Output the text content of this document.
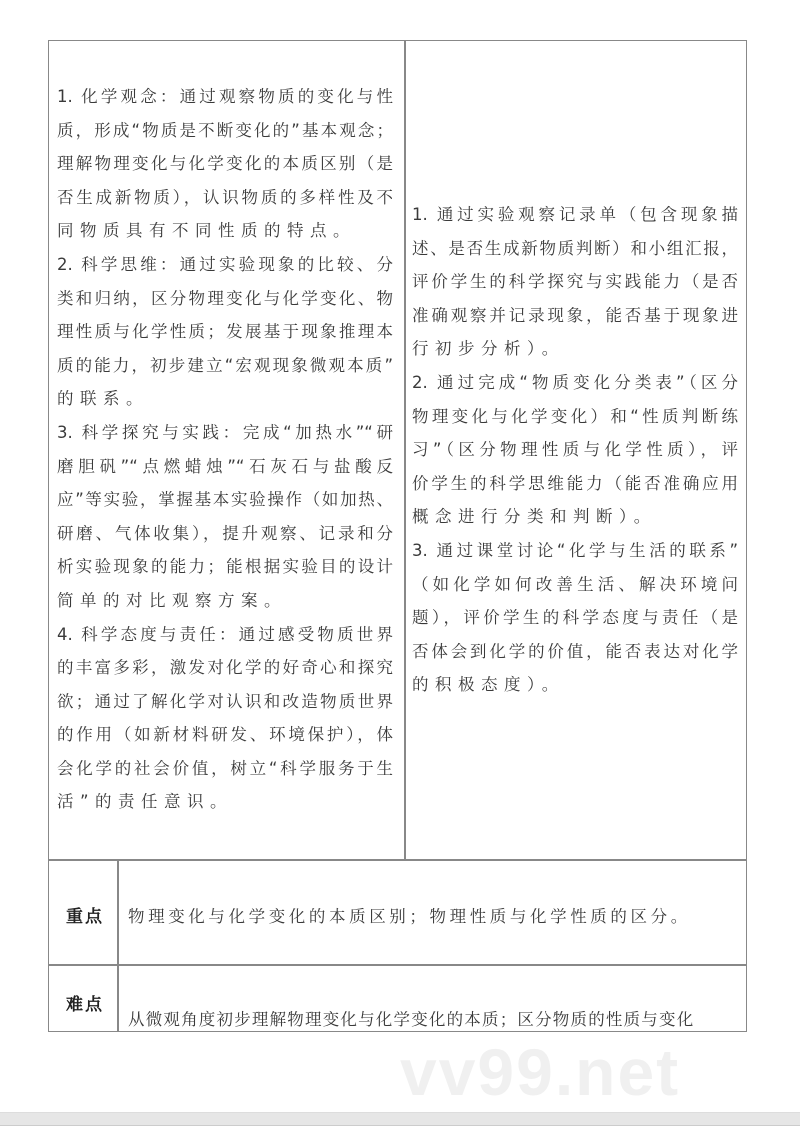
1. 化学观念：通过观察物质的变化与性
质，形成“物质是不断变化的”基本观念；
理解物理变化与化学变化的本质区别（是
否生成新物质），认识物质的多样性及不
同物质具有不同性质的特点。
2. 科学思维：通过实验现象的比较、分
类和归纳，区分物理变化与化学变化、物
理性质与化学性质；发展基于现象推理本
质的能力，初步建立“宏观现象微观本质”
的联系。
3. 科学探究与实践：完成“加热水”“研
磨胆矾”“点燃蜡烛”“石灰石与盐酸反
应”等实验，掌握基本实验操作（如加热、
研磨、气体收集），提升观察、记录和分
析实验现象的能力；能根据实验目的设计
简单的对比观察方案。
4. 科学态度与责任：通过感受物质世界
的丰富多彩，激发对化学的好奇心和探究
欲；通过了解化学对认识和改造物质世界
的作用（如新材料研发、环境保护），体
会化学的社会价值，树立“科学服务于生
活”的责任意识。
1. 通过实验观察记录单（包含现象描
述、是否生成新物质判断）和小组汇报，
评价学生的科学探究与实践能力（是否
准确观察并记录现象，能否基于现象进
行初步分析）。
2. 通过完成“物质变化分类表”（区分
物理变化与化学变化）和“性质判断练
习”（区分物理性质与化学性质），评
价学生的科学思维能力（能否准确应用
概念进行分类和判断）。
3. 通过课堂讨论“化学与生活的联系”
（如化学如何改善生活、解决环境问
题），评价学生的科学态度与责任（是
否体会到化学的价值，能否表达对化学
的积极态度）。
重点 物理变化与化学变化的本质区别；物理性质与化学性质的区分。
难点
从微观角度初步理解物理变化与化学变化的本质；区分物质的性质与变化
vv99.net
